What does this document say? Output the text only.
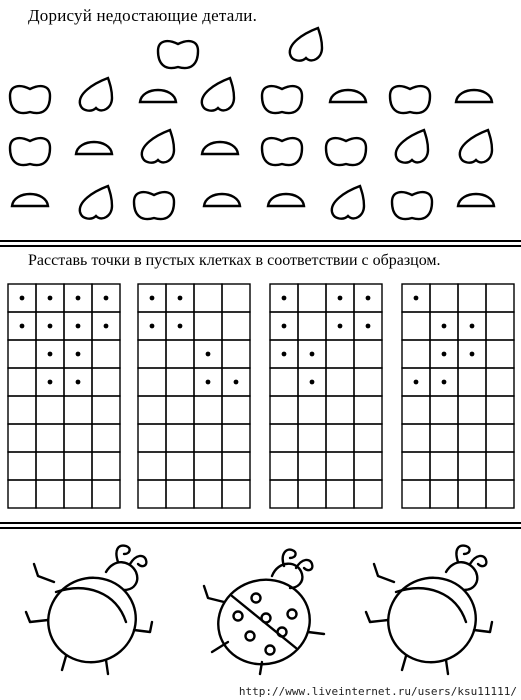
Дорисуй недостающие детали.
Расставь точки в пустых клетках в соответствии с образцом.
http://www.liveinternet.ru/users/ksu11111/
